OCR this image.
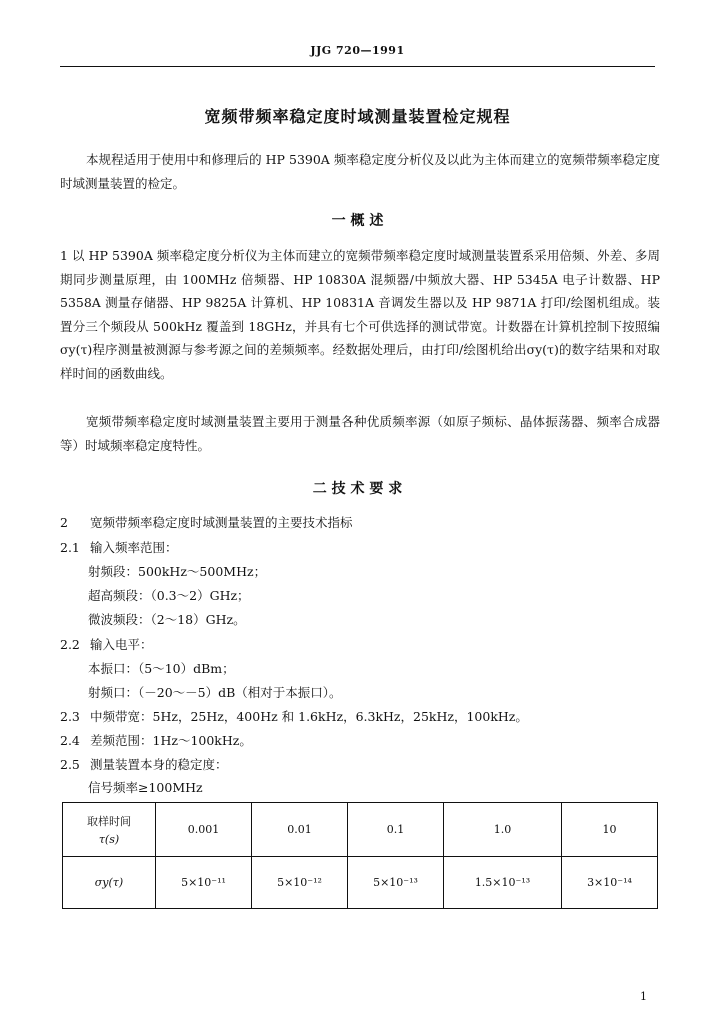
JJG 720—1991
宽频带频率稳定度时域测量装置检定规程
本规程适用于使用中和修理后的 HP 5390A 频率稳定度分析仪及以此为主体而建立的宽频带频率稳定度时域测量装置的检定。
一 概 述
1 以 HP 5390A 频率稳定度分析仪为主体而建立的宽频带频率稳定度时域测量装置系采用倍频、外差、多周期同步测量原理，由 100MHz 倍频器、HP 10830A 混频器/中频放大器、HP 5345A 电子计数器、HP 5358A 测量存储器、HP 9825A 计算机、HP 10831A 音调发生器以及 HP 9871A 打印/绘图机组成。装置分三个频段从 500kHz 覆盖到 18GHz，并具有七个可供选择的测试带宽。计数器在计算机控制下按照编σy(τ)程序测量被测源与参考源之间的差频频率。经数据处理后，由打印/绘图机给出σy(τ)的数字结果和对取样时间的函数曲线。
宽频带频率稳定度时域测量装置主要用于测量各种优质频率源（如原子频标、晶体振荡器、频率合成器等）时域频率稳定度特性。
二 技 术 要 求
2 宽频带频率稳定度时域测量装置的主要技术指标
2.1 输入频率范围：
射频段：500kHz～500MHz；
超高频段：（0.3～2）GHz；
微波频段：（2～18）GHz。
2.2 输入电平：
本振口：（5～10）dBm；
射频口：（－20～－5）dB（相对于本振口）。
2.3 中频带宽：5Hz，25Hz，400Hz 和 1.6kHz，6.3kHz，25kHz，100kHz。
2.4 差频范围：1Hz～100kHz。
2.5 测量装置本身的稳定度：
信号频率≥100MHz
取样时间
τ(s)	0.001	0.01	0.1	1.0	10
σy(τ)	5×10⁻¹¹	5×10⁻¹²	5×10⁻¹³	1.5×10⁻¹³	3×10⁻¹⁴
1
